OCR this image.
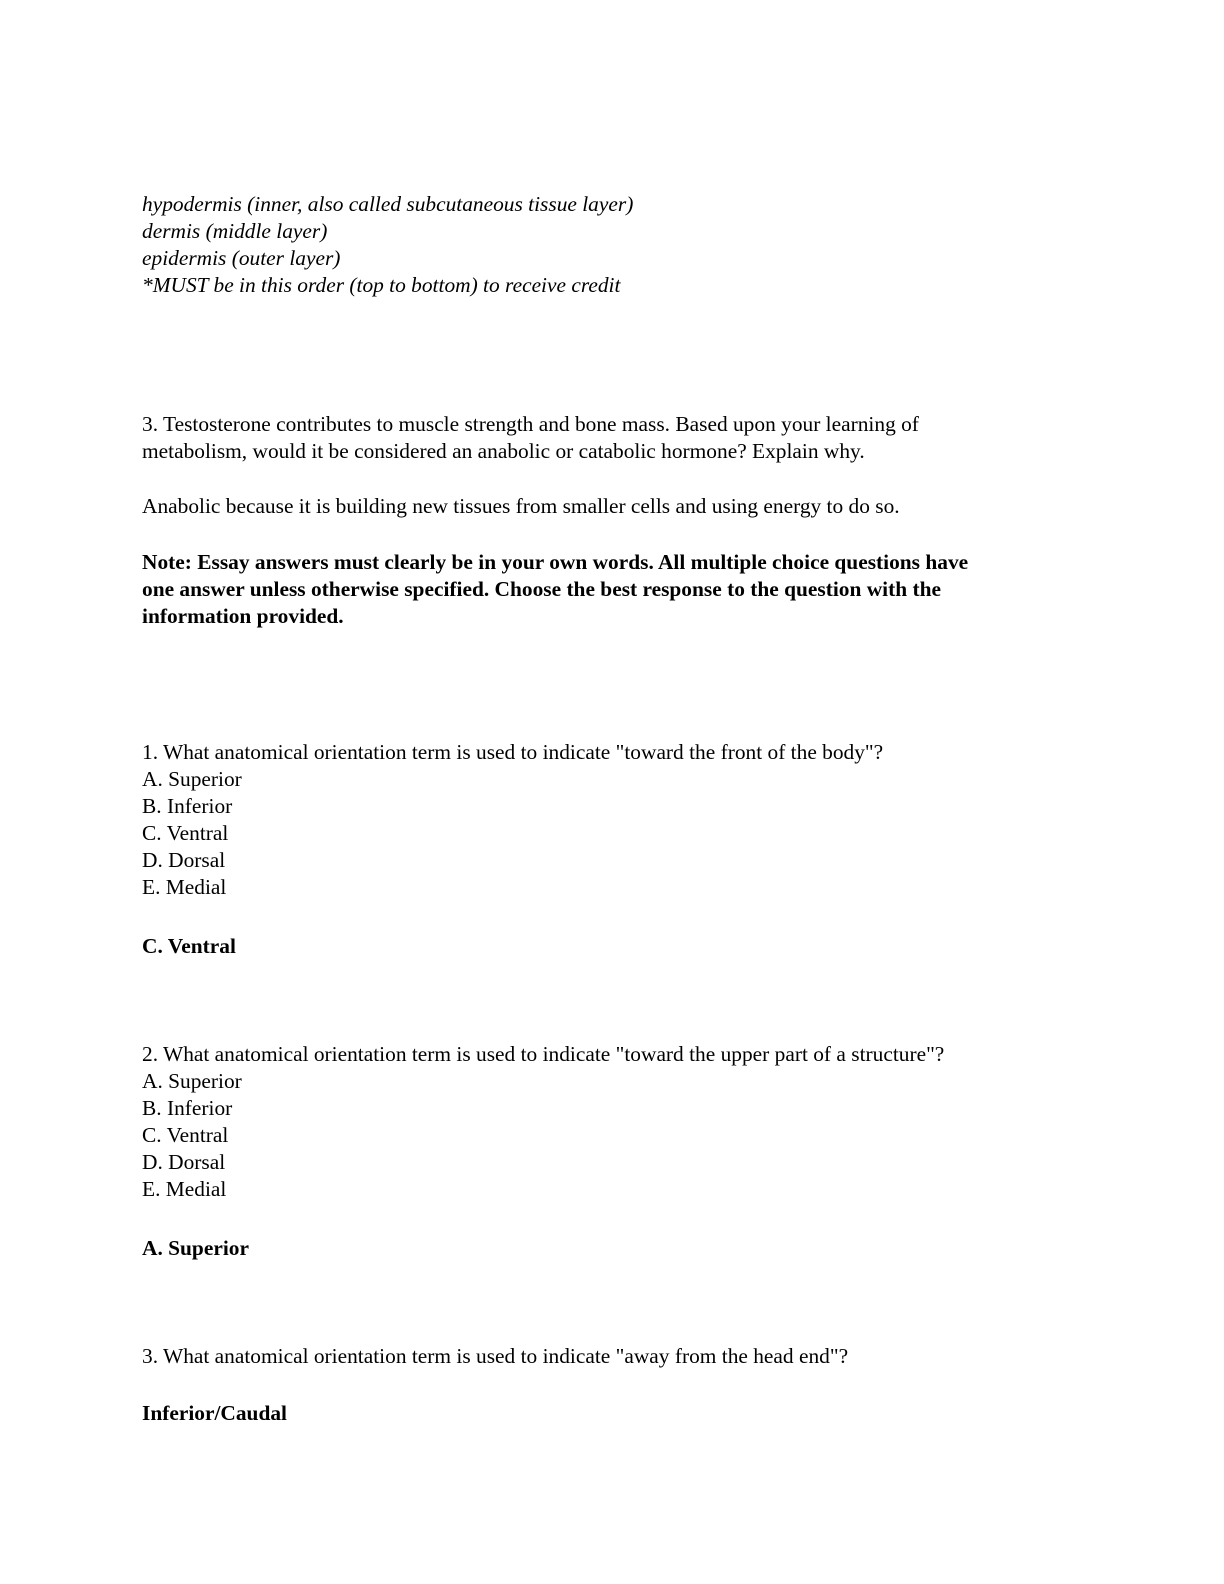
hypodermis (inner, also called subcutaneous tissue layer)
dermis (middle layer)
epidermis (outer layer)
*MUST be in this order (top to bottom) to receive credit
3. Testosterone contributes to muscle strength and bone mass. Based upon your learning of
metabolism, would it be considered an anabolic or catabolic hormone? Explain why.
Anabolic because it is building new tissues from smaller cells and using energy to do so.
Note: Essay answers must clearly be in your own words. All multiple choice questions have
one answer unless otherwise specified. Choose the best response to the question with the
information provided.
1. What anatomical orientation term is used to indicate "toward the front of the body"?
A. Superior
B. Inferior
C. Ventral
D. Dorsal
E. Medial
C. Ventral
2. What anatomical orientation term is used to indicate "toward the upper part of a structure"?
A. Superior
B. Inferior
C. Ventral
D. Dorsal
E. Medial
A. Superior
3. What anatomical orientation term is used to indicate "away from the head end"?
Inferior/Caudal
